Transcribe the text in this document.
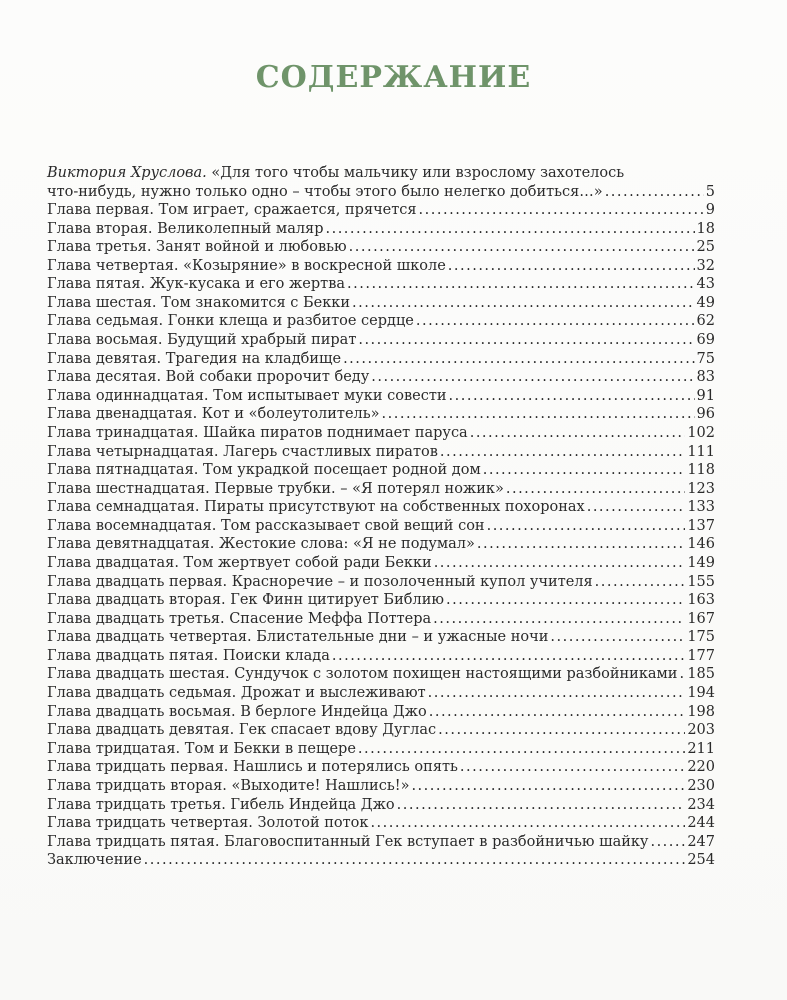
СОДЕРЖАНИЕ
Виктория Хруслова. «Для того чтобы мальчику или взрослому захотелось
что-нибудь, нужно только одно – чтобы этого было нелегко добиться…» .....	5
Глава первая. Том играет, сражается, прячется .....	9
Глава вторая. Великолепный маляр .....	18
Глава третья. Занят войной и любовью .....	25
Глава четвертая. «Козыряние» в воскресной школе .....	32
Глава пятая. Жук-кусака и его жертва .....	43
Глава шестая. Том знакомится с Бекки .....	49
Глава седьмая. Гонки клеща и разбитое сердце .....	62
Глава восьмая. Будущий храбрый пират .....	69
Глава девятая. Трагедия на кладбище .....	75
Глава десятая. Вой собаки пророчит беду .....	83
Глава одиннадцатая. Том испытывает муки совести .....	91
Глава двенадцатая. Кот и «болеутолитель» .....	96
Глава тринадцатая. Шайка пиратов поднимает паруса .....	102
Глава четырнадцатая. Лагерь счастливых пиратов .....	111
Глава пятнадцатая. Том украдкой посещает родной дом .....	118
Глава шестнадцатая. Первые трубки. – «Я потерял ножик» .....	123
Глава семнадцатая. Пираты присутствуют на собственных похоронах .....	133
Глава восемнадцатая. Том рассказывает свой вещий сон .....	137
Глава девятнадцатая. Жестокие слова: «Я не подумал» .....	146
Глава двадцатая. Том жертвует собой ради Бекки .....	149
Глава двадцать первая. Красноречие – и позолоченный купол учителя .....	155
Глава двадцать вторая. Гек Финн цитирует Библию .....	163
Глава двадцать третья. Спасение Меффа Поттера .....	167
Глава двадцать четвертая. Блистательные дни – и ужасные ночи .....	175
Глава двадцать пятая. Поиски клада .....	177
Глава двадцать шестая. Сундучок с золотом похищен настоящими разбойниками ..... 185
Глава двадцать седьмая. Дрожат и выслеживают .....	194
Глава двадцать восьмая. В берлоге Индейца Джо .....	198
Глава двадцать девятая. Гек спасает вдову Дуглас .....	203
Глава тридцатая. Том и Бекки в пещере .....	211
Глава тридцать первая. Нашлись и потерялись опять .....	220
Глава тридцать вторая. «Выходите! Нашлись!» .....	230
Глава тридцать третья. Гибель Индейца Джо .....	234
Глава тридцать четвертая. Золотой поток .....	244
Глава тридцать пятая. Благовоспитанный Гек вступает в разбойничью шайку .....	247
Заключение .....	254
